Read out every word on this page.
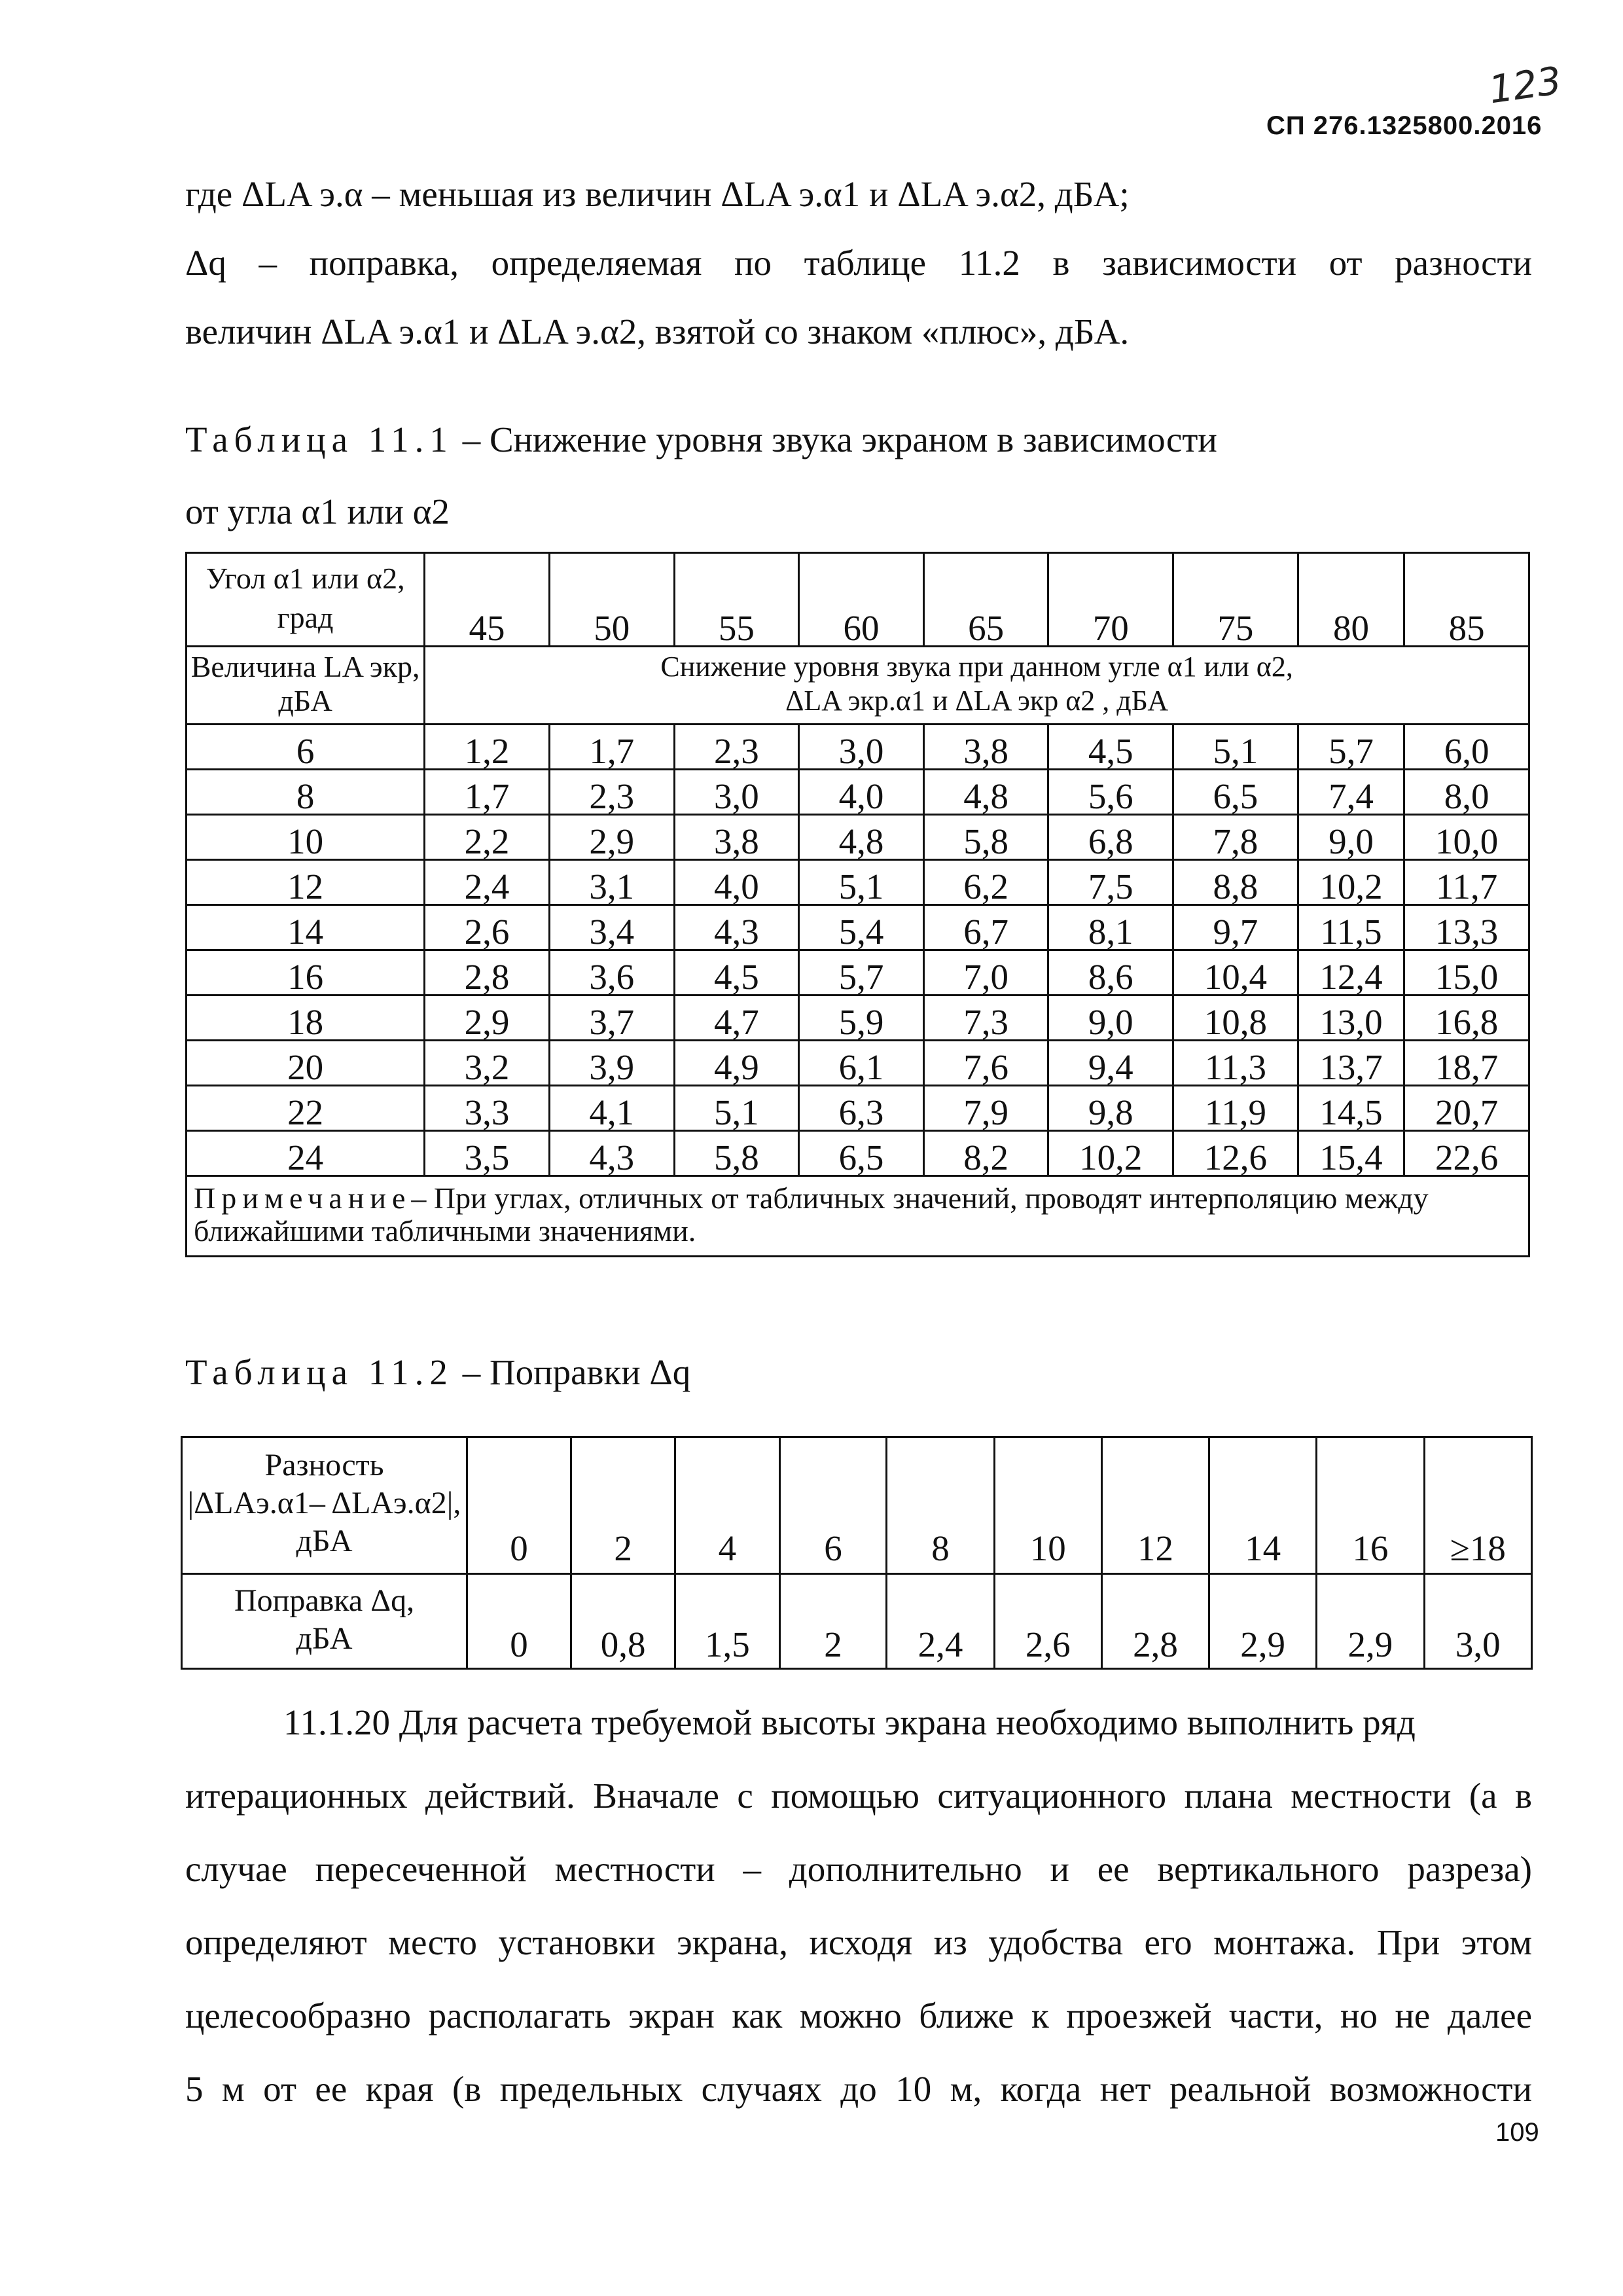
123
СП 276.1325800.2016
где ΔLA э.α – меньшая из величин ΔLA э.α1 и ΔLA э.α2, дБА;
Δq – поправка, определяемая по таблице 11.2 в зависимости от разности
величин ΔLA э.α1 и ΔLA э.α2, взятой со знаком «плюс», дБА.
Таблица 11.1 – Снижение уровня звука экраном в зависимости
от угла α1 или α2
Угол α1 или α2, град	45	50	55	60	65	70	75	80	85
Величина LA экр, дБА	Снижение уровня звука при данном угле α1 или α2,
ΔLA экр.α1 и ΔLA экр α2 , дБА								

6	1,2	1,7	2,3	3,0	3,8	4,5	5,1	5,7	6,0
8	1,7	2,3	3,0	4,0	4,8	5,6	6,5	7,4	8,0
10	2,2	2,9	3,8	4,8	5,8	6,8	7,8	9,0	10,0
12	2,4	3,1	4,0	5,1	6,2	7,5	8,8	10,2	11,7
14	2,6	3,4	4,3	5,4	6,7	8,1	9,7	11,5	13,3
16	2,8	3,6	4,5	5,7	7,0	8,6	10,4	12,4	15,0
18	2,9	3,7	4,7	5,9	7,3	9,0	10,8	13,0	16,8
20	3,2	3,9	4,9	6,1	7,6	9,4	11,3	13,7	18,7
22	3,3	4,1	5,1	6,3	7,9	9,8	11,9	14,5	20,7
24	3,5	4,3	5,8	6,5	8,2	10,2	12,6	15,4	22,6
Примечание– При углах, отличных от табличных значений, проводят интерполяцию между ближайшими табличными значениями.									
Таблица 11.2 – Поправки Δq
Разность
|ΔLAэ.α1– ΔLAэ.α2|,
дБА	0	2	4	6	8	10	12	14	16	≥18

Поправка Δq,
дБА	0	0,8	1,5	2	2,4	2,6	2,8	2,9	2,9	3,0
11.1.20 Для расчета требуемой высоты экрана необходимо выполнить ряд
итерационных действий. Вначале с помощью ситуационного плана местности (а в
случае пересеченной местности – дополнительно и ее вертикального разреза)
определяют место установки экрана, исходя из удобства его монтажа. При этом
целесообразно располагать экран как можно ближе к проезжей части, но не далее
5 м от ее края (в предельных случаях до 10 м, когда нет реальной возможности
109
